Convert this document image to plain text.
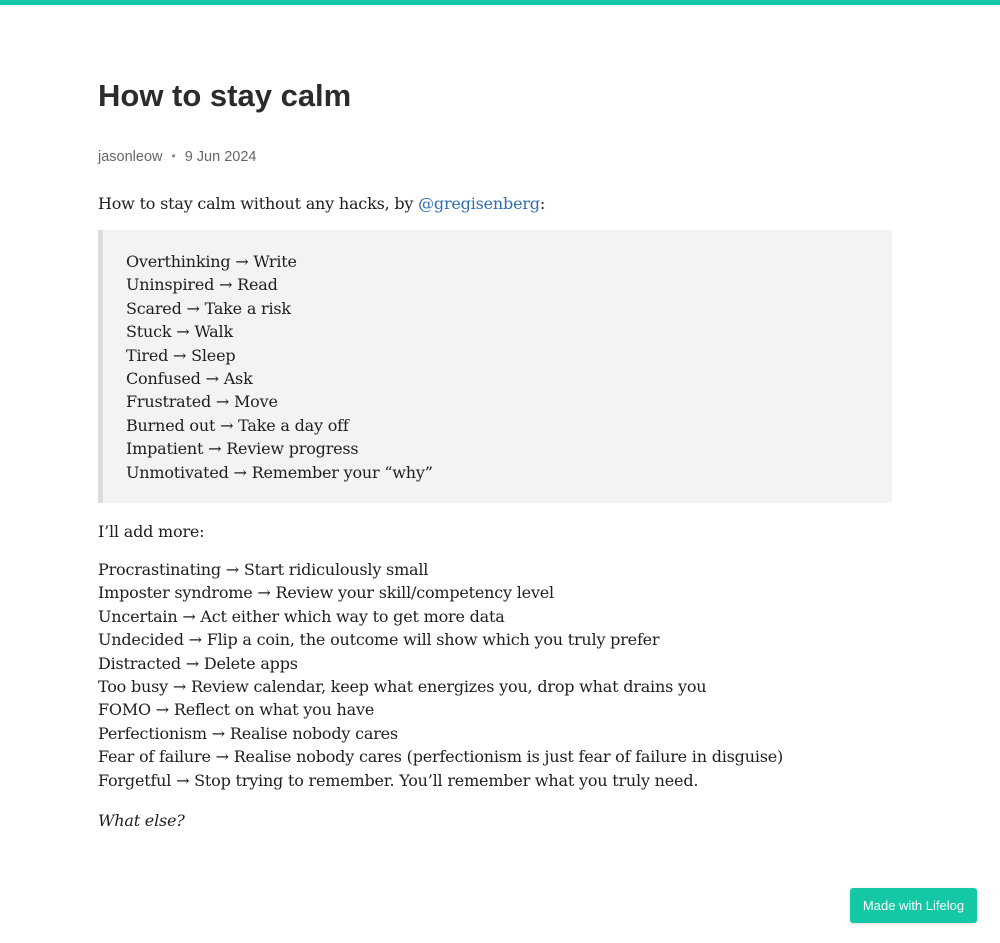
How to stay calm
jasonleow • 9 Jun 2024

How to stay calm without any hacks, by @gregisenberg:

Overthinking → Write
Uninspired → Read
Scared → Take a risk
Stuck → Walk
Tired → Sleep
Confused → Ask
Frustrated → Move
Burned out → Take a day off
Impatient → Review progress
Unmotivated → Remember your “why”

I’ll add more:

Procrastinating → Start ridiculously small
Imposter syndrome → Review your skill/competency level
Uncertain → Act either which way to get more data
Undecided → Flip a coin, the outcome will show which you truly prefer
Distracted → Delete apps
Too busy → Review calendar, keep what energizes you, drop what drains you
FOMO → Reflect on what you have
Perfectionism → Realise nobody cares
Fear of failure → Realise nobody cares (perfectionism is just fear of failure in disguise)
Forgetful → Stop trying to remember. You’ll remember what you truly need.

What else?

Made with Lifelog
